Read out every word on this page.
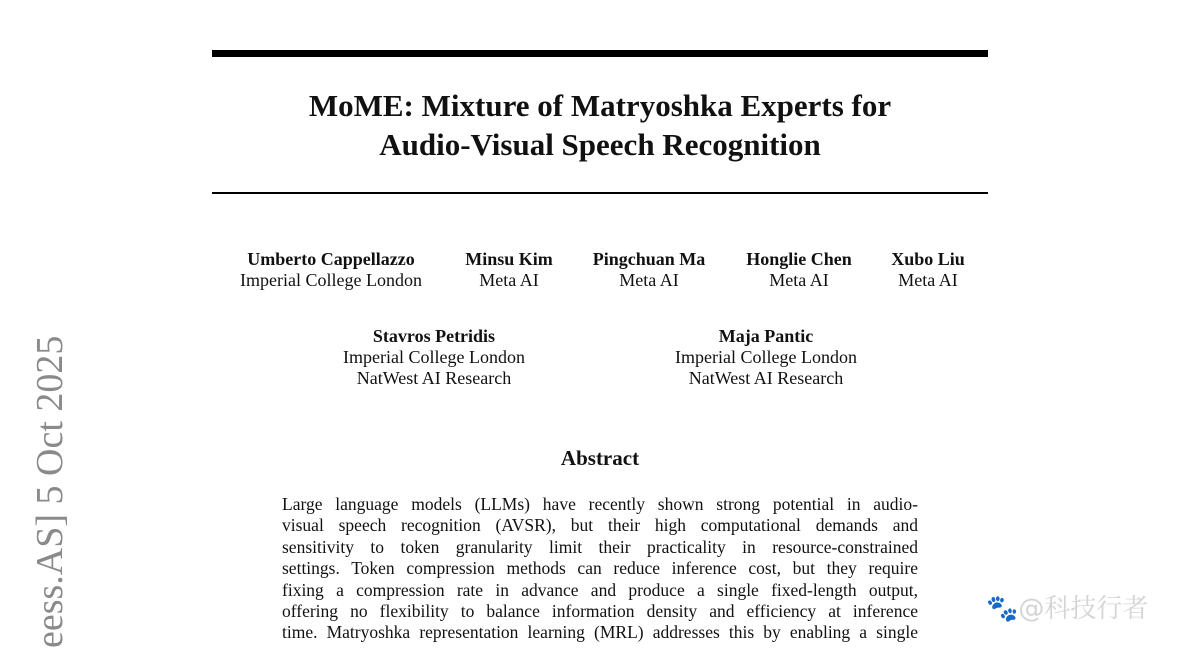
MoME: Mixture of Matryoshka Experts for
Audio-Visual Speech Recognition
Umberto Cappellazzo
Imperial College London
Minsu Kim
Meta AI
Pingchuan Ma
Meta AI
Honglie Chen
Meta AI
Xubo Liu
Meta AI
Stavros Petridis
Imperial College London
NatWest AI Research
Maja Pantic
Imperial College London
NatWest AI Research
Abstract
Large language models (LLMs) have recently shown strong potential in audio-
visual speech recognition (AVSR), but their high computational demands and
sensitivity to token granularity limit their practicality in resource-constrained
settings. Token compression methods can reduce inference cost, but they require
fixing a compression rate in advance and produce a single fixed-length output,
offering no flexibility to balance information density and efficiency at inference
time. Matryoshka representation learning (MRL) addresses this by enabling a single
eess.AS] 5 Oct 2025	🐾@科技行者
